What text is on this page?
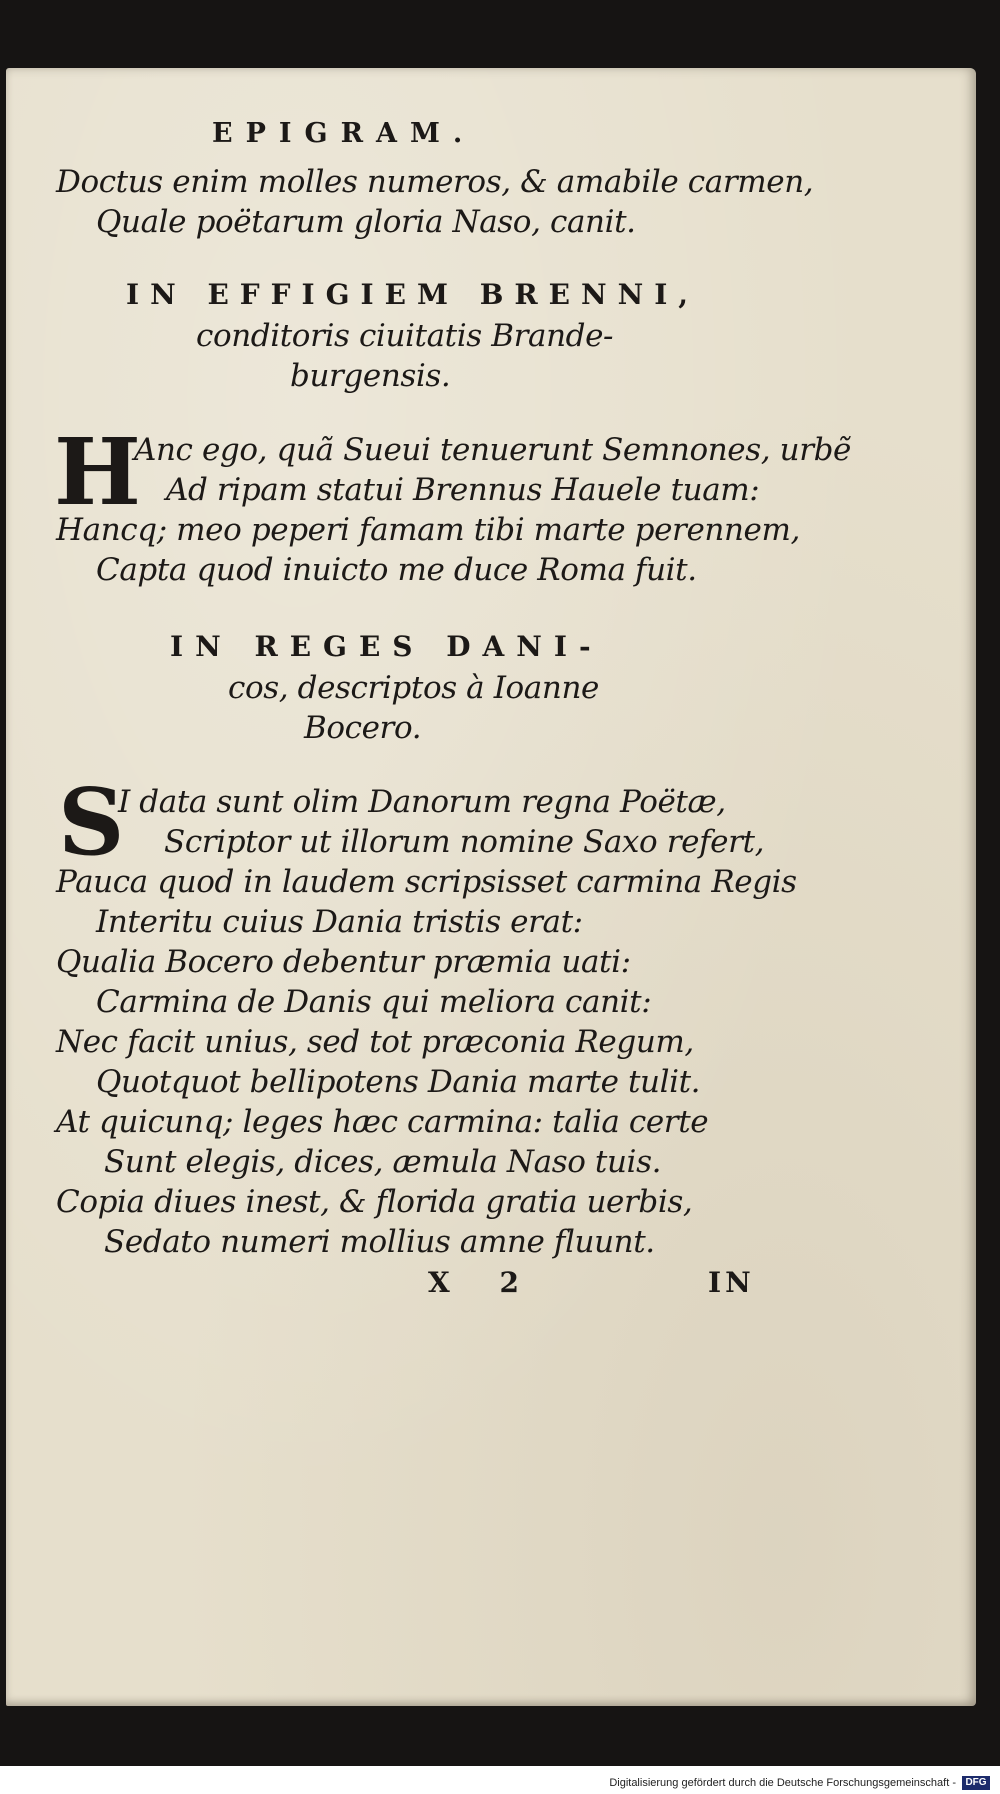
EPIGRAM.
Doctus enim molles numeros, & amabile carmen,
Quale poëtarum gloria Naso, canit.
IN EFFIGIEM BRENNI,
conditoris ciuitatis Brande-
burgensis.
H
Anc ego, quã Sueui tenuerunt Semnones, urbẽ
Ad ripam statui Brennus Hauele tuam:
Hancq; meo peperi famam tibi marte perennem,
Capta quod inuicto me duce Roma fuit.
IN REGES DANI-
cos, descriptos à Ioanne
Bocero.
S
I data sunt olim Danorum regna Poëtæ,
Scriptor ut illorum nomine Saxo refert,
Pauca quod in laudem scripsisset carmina Regis
Interitu cuius Dania tristis erat:
Qualia Bocero debentur præmia uati:
Carmina de Danis qui meliora canit:
Nec facit unius, sed tot præconia Regum,
Quotquot bellipotens Dania marte tulit.
At quicunq; leges hæc carmina: talia certe
Sunt elegis, dices, æmula Naso tuis.
Copia diues inest, & florida gratia uerbis,
Sedato numeri mollius amne fluunt.
X 2	IN
Digitalisierung gefördert durch die Deutsche Forschungsgemeinschaft - DFG
